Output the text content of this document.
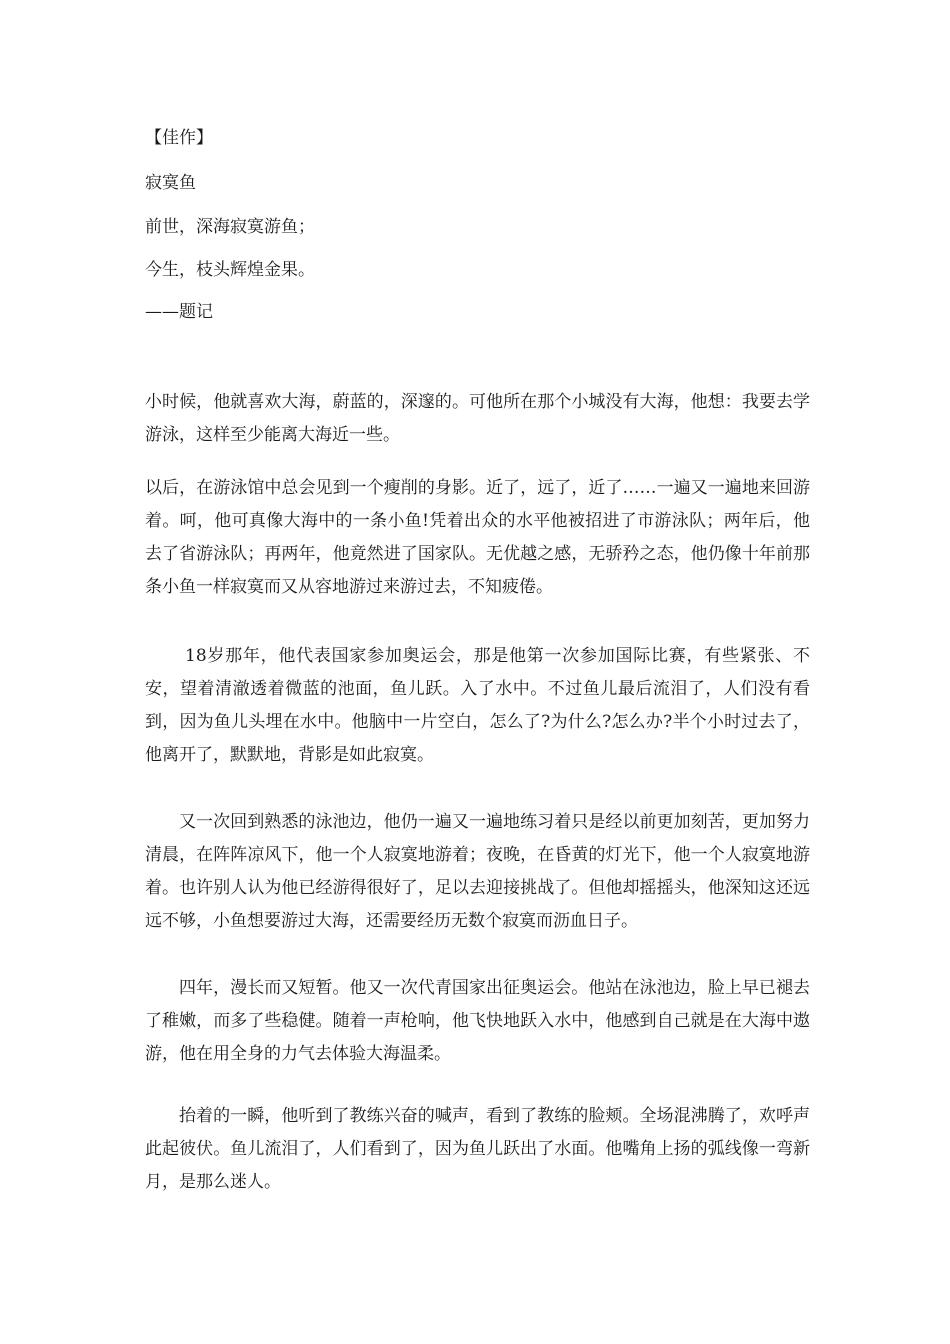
【佳作】

寂寞鱼

前世，深海寂寞游鱼；

今生，枝头辉煌金果。

——题记

小时候，他就喜欢大海，蔚蓝的，深邃的。可他所在那个小城没有大海，他想：我要去学游泳，这样至少能离大海近一些。

以后，在游泳馆中总会见到一个瘦削的身影。近了，远了，近了……一遍又一遍地来回游着。呵，他可真像大海中的一条小鱼!凭着出众的水平他被招进了市游泳队；两年后，他去了省游泳队；再两年，他竟然进了国家队。无优越之感，无骄矜之态，他仍像十年前那条小鱼一样寂寞而又从容地游过来游过去，不知疲倦。

18岁那年，他代表国家参加奥运会，那是他第一次参加国际比赛，有些紧张、不安，望着清澈透着微蓝的池面，鱼儿跃。入了水中。不过鱼儿最后流泪了，人们没有看到，因为鱼儿头埋在水中。他脑中一片空白，怎么了?为什么?怎么办?半个小时过去了，他离开了，默默地，背影是如此寂寞。

又一次回到熟悉的泳池边，他仍一遍又一遍地练习着只是经以前更加刻苦，更加努力清晨，在阵阵凉风下，他一个人寂寞地游着；夜晚，在昏黄的灯光下，他一个人寂寞地游着。也许别人认为他已经游得很好了，足以去迎接挑战了。但他却摇摇头，他深知这还远远不够，小鱼想要游过大海，还需要经历无数个寂寞而沥血日子。

四年，漫长而又短暂。他又一次代青国家出征奥运会。他站在泳池边，脸上早已褪去了稚嫩，而多了些稳健。随着一声枪响，他飞快地跃入水中，他感到自己就是在大海中遨游，他在用全身的力气去体验大海温柔。

抬着的一瞬，他听到了教练兴奋的喊声，看到了教练的脸颊。全场混沸腾了，欢呼声此起彼伏。鱼儿流泪了，人们看到了，因为鱼儿跃出了水面。他嘴角上扬的弧线像一弯新月，是那么迷人。
